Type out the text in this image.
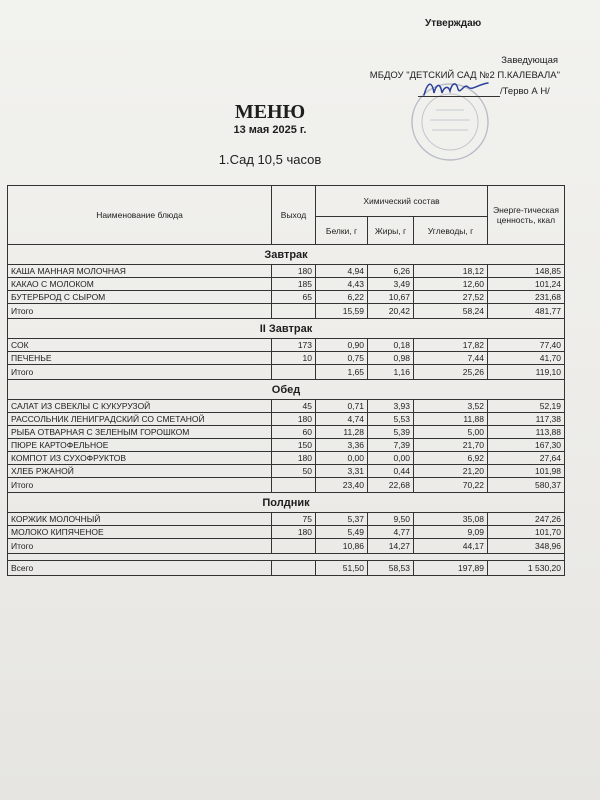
Утверждаю
Заведующая
МБДОУ "ДЕТСКИЙ САД №2 П.КАЛЕВАЛА"
/Терво А Н/
МЕНЮ
13 мая 2025 г.
1.Сад 10,5 часов
Наименование блюда	Выход	Химический состав			Энерге-тическая ценность, ккал
		Белки, г	Жиры, г	Углеводы, г	
Завтрак					
КАША МАННАЯ МОЛОЧНАЯ	180	4,94	6,26	18,12	148,85
КАКАО С МОЛОКОМ	185	4,43	3,49	12,60	101,24
БУТЕРБРОД С СЫРОМ	65	6,22	10,67	27,52	231,68
Итого		15,59	20,42	58,24	481,77
II Завтрак					
СОК	173	0,90	0,18	17,82	77,40
ПЕЧЕНЬЕ	10	0,75	0,98	7,44	41,70
Итого		1,65	1,16	25,26	119,10
Обед					
САЛАТ ИЗ СВЕКЛЫ С КУКУРУЗОЙ	45	0,71	3,93	3,52	52,19
РАССОЛЬНИК ЛЕНИГРАДСКИЙ СО СМЕТАНОЙ	180	4,74	5,53	11,88	117,38
РЫБА ОТВАРНАЯ С ЗЕЛЕНЫМ ГОРОШКОМ	60	11,28	5,39	5,00	113,88
ПЮРЕ КАРТОФЕЛЬНОЕ	150	3,36	7,39	21,70	167,30
КОМПОТ ИЗ СУХОФРУКТОВ	180	0,00	0,00	6,92	27,64
ХЛЕБ РЖАНОЙ	50	3,31	0,44	21,20	101,98
Итого		23,40	22,68	70,22	580,37
Полдник					
КОРЖИК МОЛОЧНЫЙ	75	5,37	9,50	35,08	247,26
МОЛОКО КИПЯЧЕНОЕ	180	5,49	4,77	9,09	101,70
Итого		10,86	14,27	44,17	348,96

Всего		51,50	58,53	197,89	1 530,20
